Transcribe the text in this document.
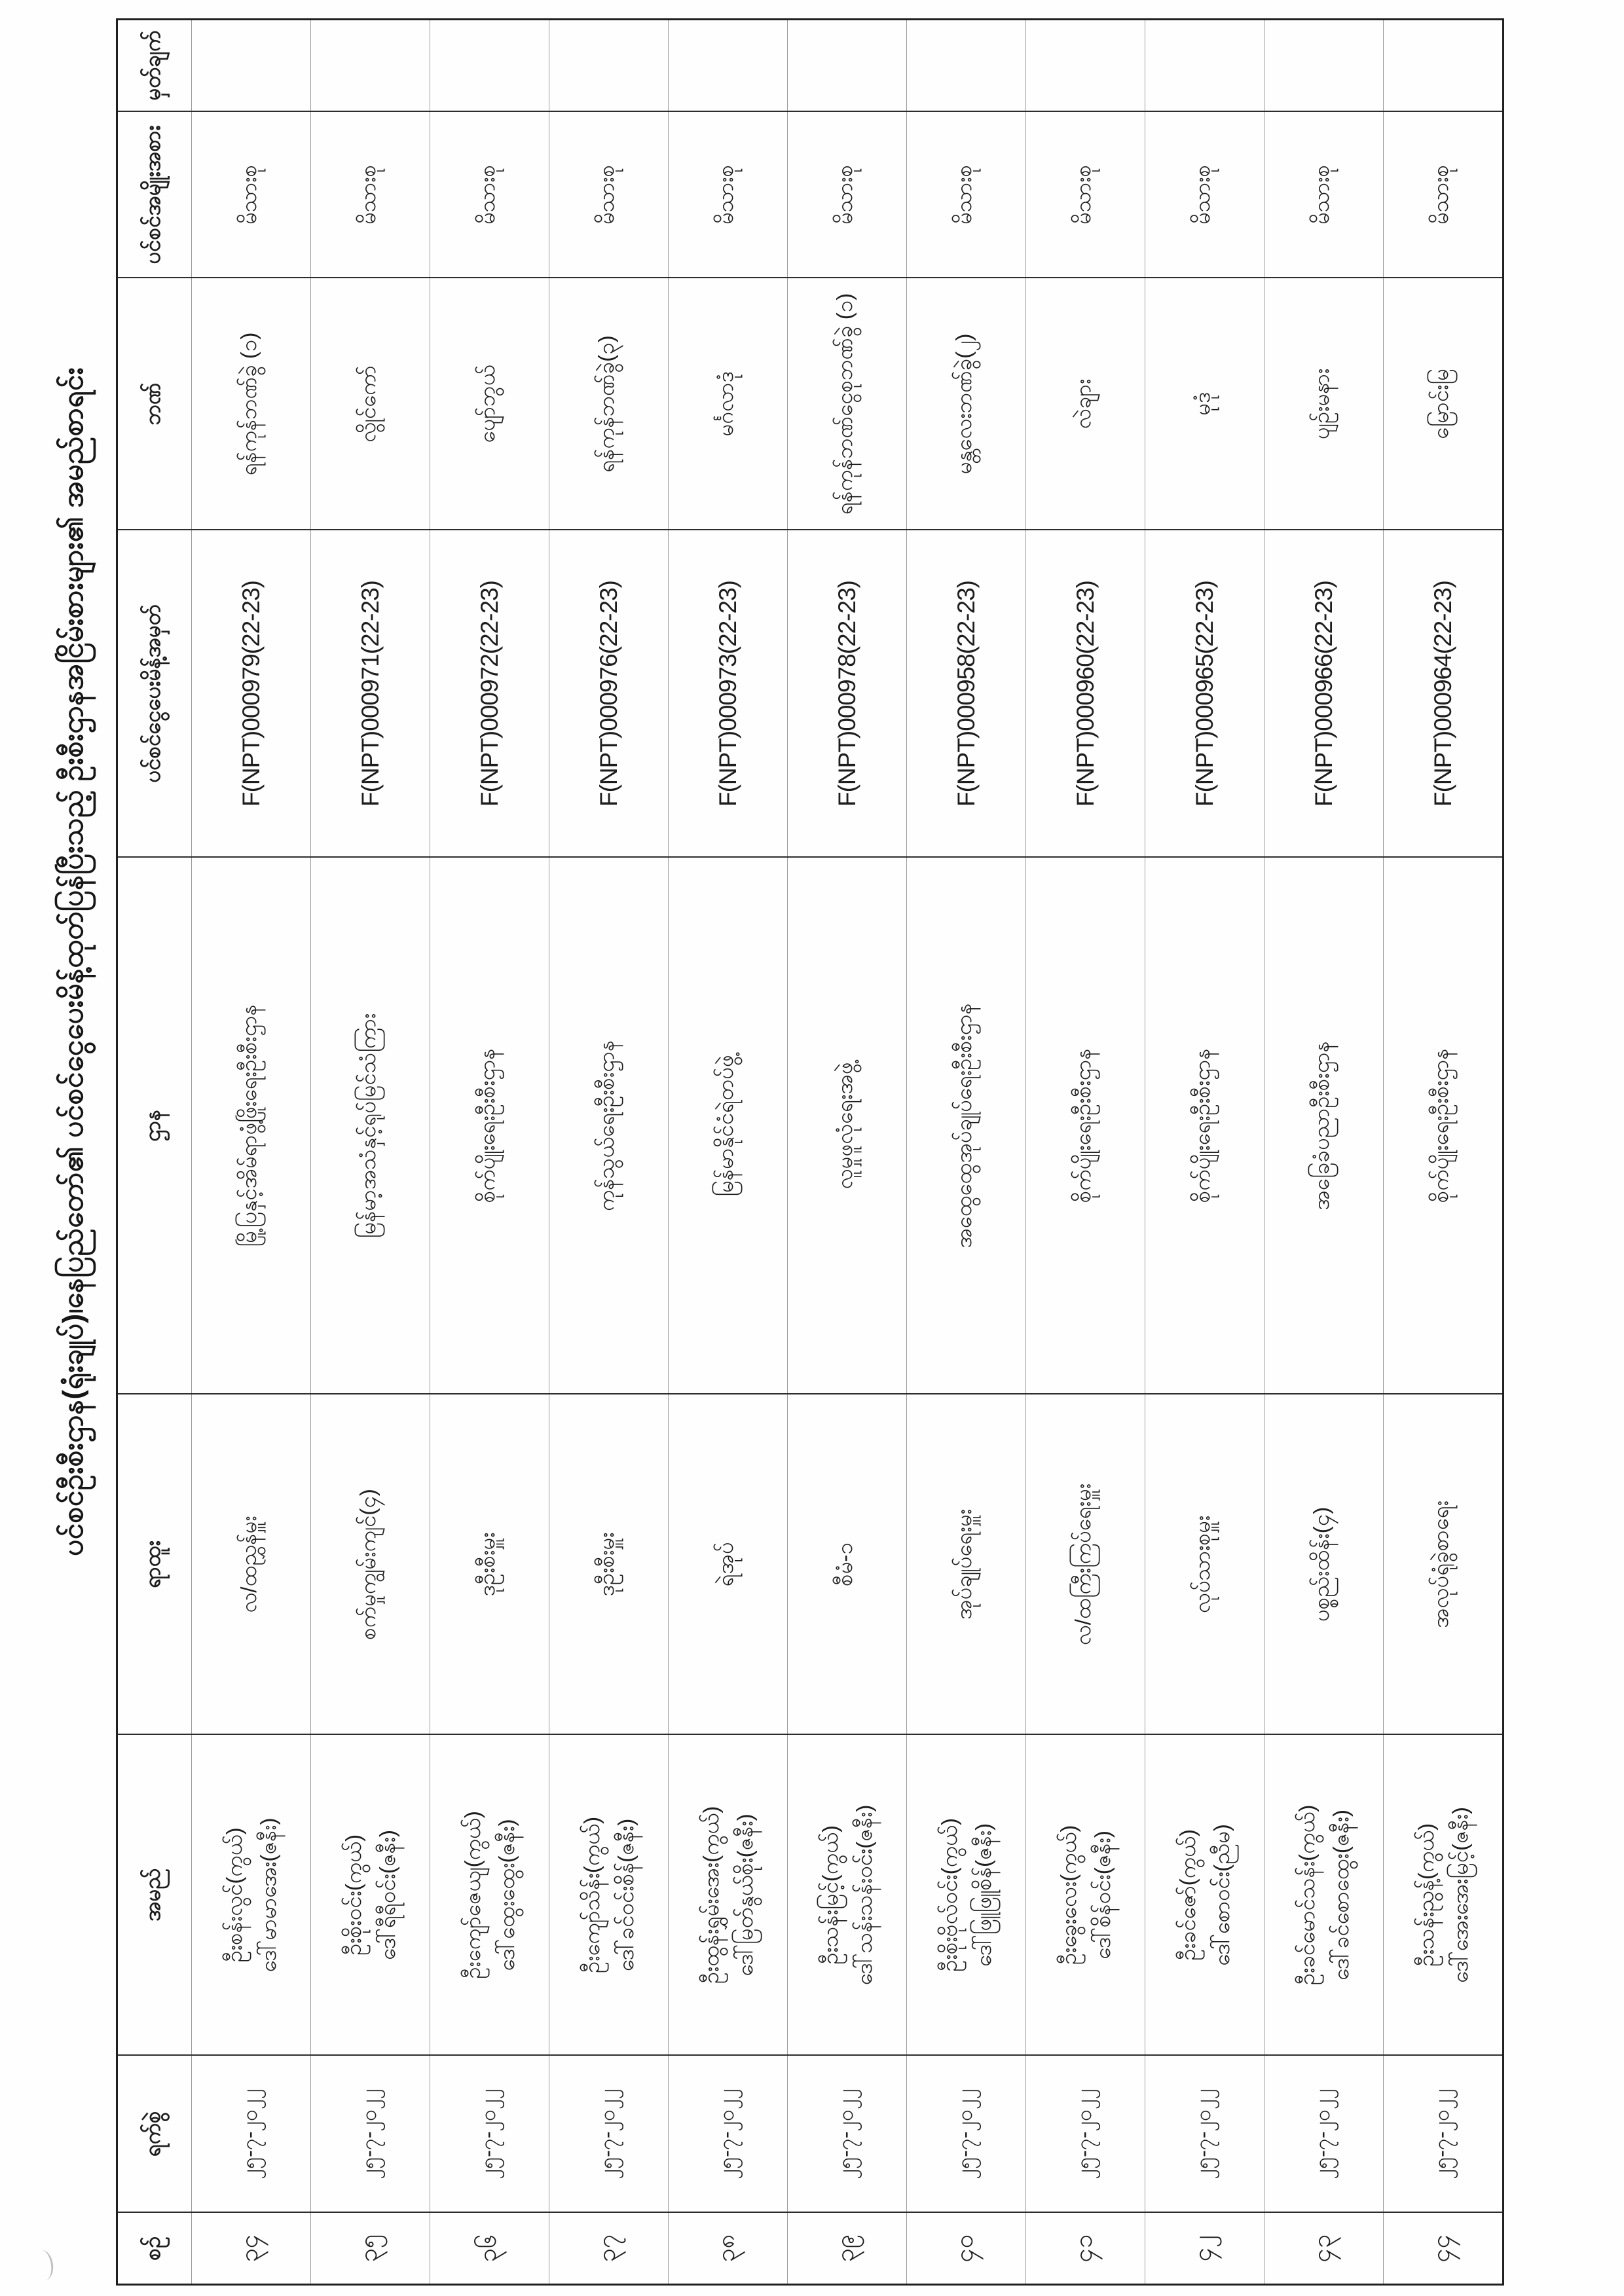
ပင်စင်ဦးစီးဌာန(ရုံးချုပ်)၊နေပြည်တော်၏ ပင်စင်ငွေပေးမိန့်ထုတ်ပြန်ပြီးသည့် ဦးစီးဌာနအငြိမ်းစားများ၏ အမည်စာရင်း
စဉ်	ရက်စွဲ	အမည်	ရာထူး	ဌာန	ပင်စင်ငွေပေးမိန့်အမှတ်	ဘဏ်	ပင်စင်အမျိုးအစား	မှတ်ချက်
၃၄	၂၅-၇-၂၀၂၂	ဦးစန်းလွင်(ကွယ်) ဒေါ်မာမာအေး(ဇနီး)	လ/ထညွှန်မှူး	မြို့ပြနှင့်အိမ်ရာဖွံ့ဖြိုးရေးဦးစီးဌာန	F(NPT)000979(22-23)	ရန်ကုန်ဘဏ်ခွဲ (၁)	မိသားစု	
၃၅	၂၅-၇-၂၀၂၂	ဦးစိုးဝင်း(ကွယ်) ဒေါ်ရီရီဝင်း(ဇနီး)	စက်မှုကျွမ်းကျင်(၄)	မြန်မာ့အသံနှင့်ရုပ်မြင်သံကြား	F(NPT)000971(22-23)	လွိုင်ကော်	မိသားစု	
၃၆	၂၅-၇-၂၀၂၂	ဦးကျော်ဇေယျ(ကွယ်) ဒေါ်ထွေးထွေး(ဇနီး)	ဒုဦးစီးမှူး	စိုက်ပျိုးရေးဦးစီးဌာန	F(NPT)000972(22-23)	ပျော်ဘွယ်	မိသားစု	
၃၇	၂၅-၇-၂၀၂၂	ဦးကျော်သိန်း(ကွယ်) ဒေါ်ခင်ဝင်းစိန်(ဇနီး)	ဒုဦးစီးမှူး	ကုန်သွယ်ရေးဦးစီးဌာန	F(NPT)000976(22-23)	ရန်ကုန်ဘဏ်ခွဲ(၃)	မိသားစု	
၃၈	၂၅-၇-၂၀၂၂	ဦးထွန်းရွှမ်းအေး(ကွယ်) ဒေါ်မြတ်နွယ်စိုး(ဇနီး)	ရဲအုပ်	မြန်မာနိုင်ငံရဲတပ်ဖွဲ့	F(NPT)000973(22-23)	မင်္ဂလာဒုံ	မိသားစု	
၃၉	၂၅-၇-၂၀၂၂	ဦးသန်းမြင့်(ကွယ်) ဒေါ်သန်းသန်းဝင်း(ဇနီး)	စီမံ-၁	လူမှုဖူလုံရေးအဖွဲ့	F(NPT)000978(22-23)	ရန်ကုန်ဘဏ်ငွေစုဘဏ်ခွဲ (၁)	မိသားစု	
၄၀	၂၅-၇-၂၀၂၂	ဦးစိုးဗိုလ်ဝင်း(ကွယ်) ဒေါ်ဖြူဖြူစိန်(ဇနီး)	အုပ်ချုပ်ရေးမှူး	အထွေထွေအုပ်ချုပ်ရေးဦးစီးဌာန	F(NPT)000958(22-23)	မန္တလေးဘဏ်ခွဲ(၂)	မိသားစု	
၄၁	၂၅-၇-၂၀၂၂	ဦးခွေးလေး(ကွယ်) ဒေါ်စိန်ဝင်း(ဇနီး)	လ/ထကြီးကြပ်ရေးမှူး	စိုက်ပျိုးရေးဦးစီးဌာန	F(NPT)000960(22-23)	လဲချား	မိသားစု	
၄၂	၂၅-၇-၂၀၂၂	ဦးခင်ဇော်(ကွယ်) ဒေါ်စောဝင်း(ညီမ)	လုပ်သားစုမှူး	စိုက်ပျိုးရေးဦးစီးဌာန	F(NPT)000965(22-23)	မုဒုံ	မိသားစု	
၄၃	၂၅-၇-၂၀၂၂	ဦးခင်မောင်သန်း(ကွယ်) ဒေါ်ခင်စောထွေး(ဇနီး)	ပစ္စည်းထိန်း(၄)	အခြေခံပညာဦးစီးဌာန	F(NPT)000966(22-23)	ပျဉ်းမနား	မိသားစု	
၄၄	၂၅-၇-၂၀၂၂	ဦးသန်းညွန့်(ကွယ်) ဒေါ်အေးအေးမြင့်(ဇနီး)	အလုပ်ရုံခွဲစာရေး	စိုက်ပျိုးရေးဦးစီးဌာန	F(NPT)000964(22-23)	မြောင်းမြ	မိသားစု	
